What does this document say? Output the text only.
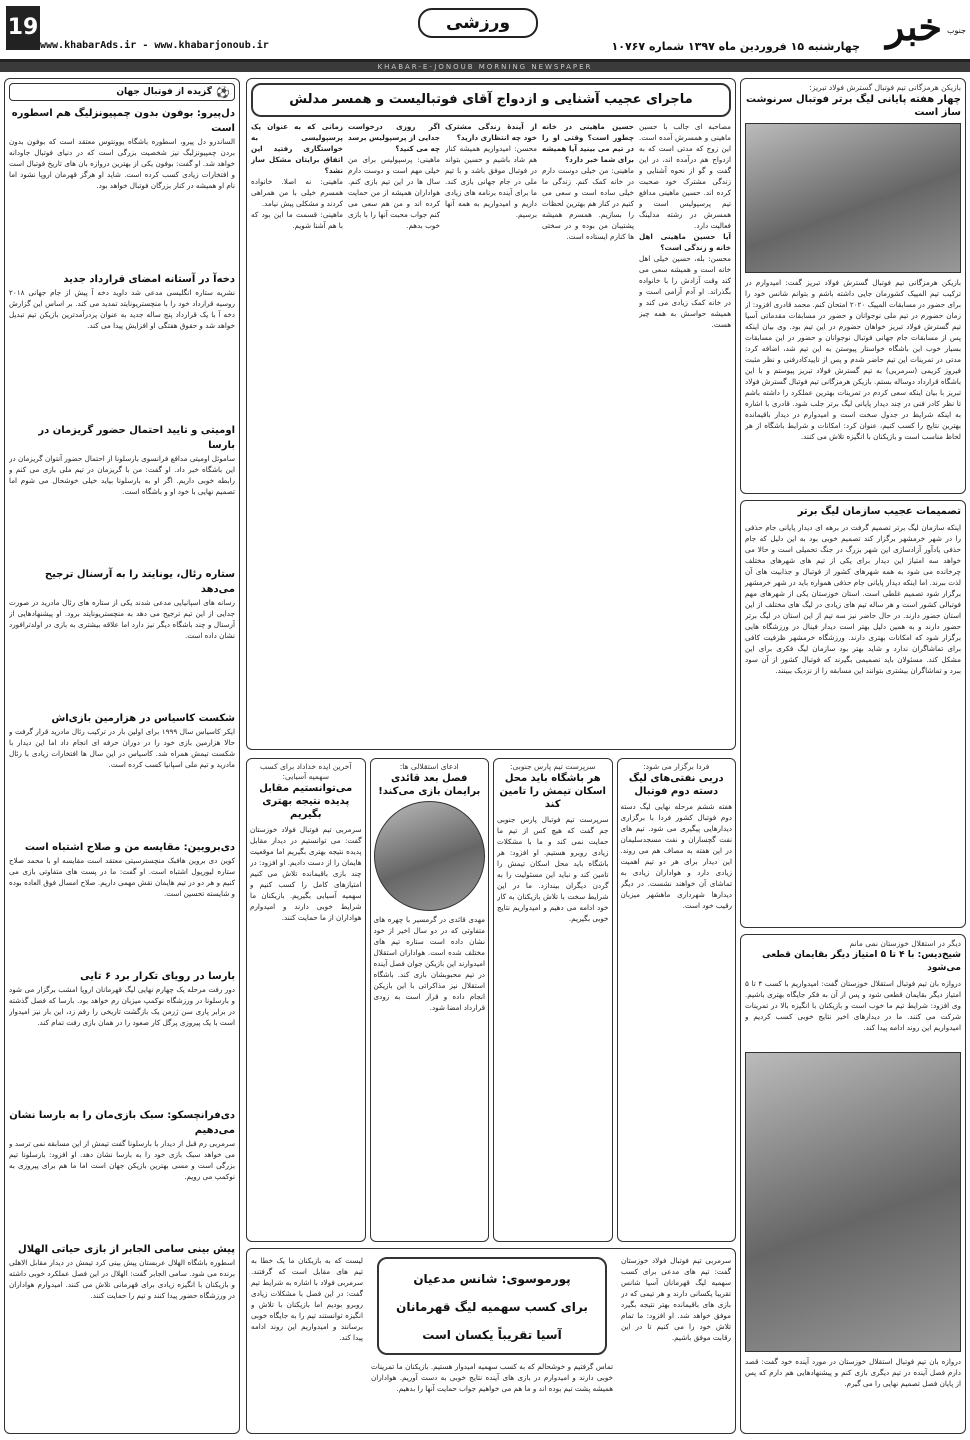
جنوب
خبر
ورزشی
چهارشنبه ۱۵ فروردین ماه ۱۳۹۷ شماره ۱۰۷۶۷
www.khabarAds.ir - www.khabarjonoub.ir
19
KHABAR-E-JONOUB MORNING NEWSPAPER
بازیکن هرمزگانی تیم فوتبال گسترش فولاد تبریز:
چهار هفته پایانی لیگ برتر فوتبال سرنوشت ساز است
بازیکن هرمزگانی تیم فوتبال گسترش فولاد تبریز گفت: امیدوارم در ترکیب تیم المپیک کشورمان جایی داشته باشم و بتوانم شانس خود را برای حضور در مسابقات المپیک ۲۰۲۰ امتحان کنم. محمد قادری افزود: از زمان حضورم در تیم ملی نوجوانان و حضور در مسابقات مقدماتی آسیا تیم گسترش فولاد تبریز خواهان حضورم در این تیم بود. وی بیان اینکه پس از مسابقات جام جهانی فوتبال نوجوانان و حضور در این مسابقات بسیار خوب این باشگاه خواستار پیوستن به این تیم شد، اضافه کرد: مدتی در تمرینات این تیم حاضر شدم و پس از تاییدکادرفنی و نظر مثبت فیروز کریمی (سرمربی) به تیم گسترش فولاد تبریز پیوستم و با این باشگاه قرارداد دوساله بستم. بازیکن هرمزگانی تیم فوتبال گسترش فولاد تبریز با بیان اینکه سعی کردم در تمرینات بهترین عملکرد را داشته باشم تا نظر کادر فنی در چند دیدار پایانی لیگ برتر جلب شود. قادری با اشاره به اینکه شرایط در جدول سخت است و امیدوارم در دیدار باقیمانده بهترین نتایج را کسب کنیم، عنوان کرد: امکانات و شرایط باشگاه از هر لحاظ مناسب است و بازیکنان با انگیزه تلاش می کنند.
تصمیمات عجیب سازمان لیگ برتر
اینکه سازمان لیگ برتر تصمیم گرفت در برهه ای دیدار پایانی جام حذفی را در شهر خرمشهر برگزار کند تصمیم خوبی بود به این دلیل که جام حذفی یادآور آزادسازی این شهر بزرگ در جنگ تحمیلی است و حالا می خواهد سه امتیاز این دیدار برای یکی از تیم های شهرهای مختلف چرخانده می شود به همه شهرهای کشور از فوتبال و جذابیت های آن لذت ببرند. اما اینکه دیدار پایانی جام حذفی همواره باید در شهر خرمشهر برگزار شود تصمیم غلطی است. استان خوزستان یکی از شهرهای مهم فوتبالی کشور است و هر ساله تیم های زیادی در لیگ های مختلف از این استان حضور دارند. در حال حاضر نیز سه تیم از این استان در لیگ برتر حضور دارند و به همین دلیل بهتر است دیدار فینال در ورزشگاه هایی برگزار شود که امکانات بهتری دارند. ورزشگاه خرمشهر ظرفیت کافی برای تماشاگران ندارد و شاید بهتر بود سازمان لیگ فکری برای این مشکل کند. مسئولان باید تصمیمی بگیرند که فوتبال کشور از آن سود ببرد و تماشاگران بیشتری بتوانند این مسابقه را از نزدیک ببینند.
دیگر در استقلال خوزستان نمی مانم
شیخ‌دیس: با ۴ تا ۵ امتیاز دیگر بقایمان قطعی می‌شود
دروازه بان تیم فوتبال استقلال خوزستان گفت: امیدواریم با کسب ۴ تا ۵ امتیاز دیگر بقایمان قطعی شود و پس از آن به فکر جایگاه بهتری باشیم. وی افزود: شرایط تیم ما خوب است و بازیکنان با انگیزه بالا در تمرینات شرکت می کنند. ما در دیدارهای اخیر نتایج خوبی کسب کردیم و امیدواریم این روند ادامه پیدا کند.
دروازه بان تیم فوتبال استقلال خوزستان در مورد آینده خود گفت: قصد دارم فصل آینده در تیم دیگری بازی کنم و پیشنهادهایی هم دارم که پس از پایان فصل تصمیم نهایی را می گیرم.
ماجرای عجیب آشنایی و ازدواج آقای فوتبالیست و همسر مدلش

مصاحبه ای جالب با حسین ماهینی و همسرش آمده است. این زوج که مدتی است که به ازدواج هم درآمده اند، در این گفت و گو از نحوه آشنایی و زندگی مشترک خود صحبت کرده اند. حسین ماهینی مدافع تیم پرسپولیس است و همسرش در رشته مدلینگ فعالیت دارد.

آیا حسین ماهینی اهل خانه و زندگی است؟

محسن: بله، حسین خیلی اهل خانه است و همیشه سعی می کند وقت آزادش را با خانواده بگذراند. او آدم آرامی است و در خانه کمک زیادی می کند و همیشه حواسش به همه چیز هست.

حسین ماهینی در خانه چطور است؟ وقتی او را در تیم می بینید آیا همیشه برای شما خبر دارد؟

ماهینی: من خیلی دوست دارم در خانه کمک کنم. زندگی ما خیلی ساده است و سعی می کنیم در کنار هم بهترین لحظات را بسازیم. همسرم همیشه پشتیبان من بوده و در سختی ها کنارم ایستاده است.

از آیندهٔ زندگی مشترک خود چه انتظاری دارید؟

محسن: امیدواریم همیشه کنار هم شاد باشیم و حسین بتواند در فوتبال موفق باشد و با تیم ملی در جام جهانی بازی کند. ما برای آینده برنامه های زیادی داریم و امیدواریم به همه آنها برسیم.

اگر روزی درخواست جدایی از پرسپولیس برسد چه می کنید؟

ماهینی: پرسپولیس برای من خیلی مهم است و دوست دارم سال ها در این تیم بازی کنم. هواداران همیشه از من حمایت کرده اند و من هم سعی می کنم جواب محبت آنها را با بازی خوب بدهم.

زمانی که به عنوان یک پرسپولیسی به خواستگاری رفتید این اتفاق برایتان مشکل ساز نشد؟

ماهینی: نه اصلا. خانواده همسرم خیلی با من همراهی کردند و مشکلی پیش نیامد.

ماهینی: قسمت ما این بود که با هم آشنا شویم.

فردا برگزار می شود:
دربی نفتی‌های لیگ دسته دوم فوتبال
هفته ششم مرحله نهایی لیگ دسته دوم فوتبال کشور فردا با برگزاری دیدارهایی پیگیری می شود. تیم های نفت گچساران و نفت مسجدسلیمان در این هفته به مصاف هم می روند. این دیدار برای هر دو تیم اهمیت زیادی دارد و هواداران زیادی به تماشای آن خواهند نشست. در دیگر دیدارها شهرداری ماهشهر میزبان رقیب خود است.
سرپرست تیم پارس جنوبی:
هر باشگاه باید محل اسکان تیمش را تامین کند
سرپرست تیم فوتبال پارس جنوبی جم گفت که هیچ کس از تیم ما حمایت نمی کند و ما با مشکلات زیادی روبرو هستیم. او افزود: هر باشگاه باید محل اسکان تیمش را تامین کند و نباید این مسئولیت را به گردن دیگران بیندازد. ما در این شرایط سخت با تلاش بازیکنان به کار خود ادامه می دهیم و امیدواریم نتایج خوبی بگیریم.
ادعای استقلالی ها:
فصل بعد قائدی برایمان بازی می‌کند!
مهدی قائدی در گرمسیر با چهره های متفاوتی که در دو سال اخیر از خود نشان داده است ستاره تیم های مختلف شده است. هواداران استقلال امیدوارند این بازیکن جوان فصل آینده در تیم محبوبشان بازی کند. باشگاه استقلال نیز مذاکراتی با این بازیکن انجام داده و قرار است به زودی قرارداد امضا شود.
آخرین ایده خداداد برای کسب سهمیه آسیایی:
می‌توانستیم مقابل پدیده نتیجه بهتری بگیریم
سرمربی تیم فوتبال فولاد خوزستان گفت: می توانستیم در دیدار مقابل پدیده نتیجه بهتری بگیریم اما موقعیت هایمان را از دست دادیم. او افزود: در چند بازی باقیمانده تلاش می کنیم امتیازهای کامل را کسب کنیم و سهمیه آسیایی بگیریم. بازیکنان ما شرایط خوبی دارند و امیدوارم هواداران از ما حمایت کنند.
سرمربی تیم فوتبال فولاد خوزستان گفت: تیم های مدعی برای کسب سهمیه لیگ قهرمانان آسیا شانس تقریبا یکسانی دارند و هر تیمی که در بازی های باقیمانده بهتر نتیجه بگیرد موفق خواهد شد. او افزود: ما تمام تلاش خود را می کنیم تا در این رقابت موفق باشیم.
پورموسوی: شانس مدعیان
برای کسب سهمیه لیگ قهرمانان
آسیا تقریباً یکسان است
تماس گرفتیم و خوشحالم که به کسب سهمیه امیدوار هستیم. بازیکنان ما تمرینات خوبی دارند و امیدوارم در بازی های آینده نتایج خوبی به دست آوریم. هواداران همیشه پشت تیم بوده اند و ما هم می خواهیم جواب حمایت آنها را بدهیم.
لیست که به بازیکنان ما یک خطا به تیم های مقابل است که گرفتند. سرمربی فولاد با اشاره به شرایط تیم گفت: در این فصل با مشکلات زیادی روبرو بودیم اما بازیکنان با تلاش و انگیزه توانستند تیم را به جایگاه خوبی برسانند و امیدواریم این روند ادامه پیدا کند.
گزیده از فوتبال جهان ⚽
دل‌پیرو: بوفون بدون چمپیونزلیگ هم اسطوره است
الساندرو دل پیرو، اسطوره باشگاه یوونتوس معتقد است که بوفون بدون بردن چمپیونزلیگ نیز شخصیت بزرگی است که در دنیای فوتبال جاودانه خواهد شد. او گفت: بوفون یکی از بهترین دروازه بان های تاریخ فوتبال است و افتخارات زیادی کسب کرده است. شاید او هرگز قهرمان اروپا نشود اما نام او همیشه در کنار بزرگان فوتبال خواهد بود.
دخه‌آ در آستانه امضای قرارداد جدید
نشریه ستاره انگلیسی مدعی شد داوید دخه آ پیش از جام جهانی ۲۰۱۸ روسیه قرارداد خود را با منچستریونایتد تمدید می کند. بر اساس این گزارش دخه آ با یک قرارداد پنج ساله جدید به عنوان پردرآمدترین بازیکن تیم تبدیل خواهد شد و حقوق هفتگی او افزایش پیدا می کند.
اومیتی و تایید احتمال حضور گریزمان در بارسا
ساموئل اومیتی مدافع فرانسوی بارسلونا از احتمال حضور آنتوان گریزمان در این باشگاه خبر داد. او گفت: من با گریزمان در تیم ملی بازی می کنم و رابطه خوبی داریم. اگر او به بارسلونا بیاید خیلی خوشحال می شوم اما تصمیم نهایی با خود او و باشگاه است.
ستاره رئال، یونایتد را به آرسنال ترجیح می‌دهد
رسانه های اسپانیایی مدعی شدند یکی از ستاره های رئال مادرید در صورت جدایی از این تیم ترجیح می دهد به منچستریونایتد برود. او پیشنهادهایی از آرسنال و چند باشگاه دیگر نیز دارد اما علاقه بیشتری به بازی در اولدترافورد نشان داده است.
شکست کاسیاس در هزارمین بازی‌اش
ایکر کاسیاس سال ۱۹۹۹ برای اولین بار در ترکیب رئال مادرید قرار گرفت و حالا هزارمین بازی خود را در دوران حرفه ای انجام داد اما این دیدار با شکست تیمش همراه شد. کاسیاس در این سال ها افتخارات زیادی با رئال مادرید و تیم ملی اسپانیا کسب کرده است.
دی‌برویین: مقایسه من و صلاح اشتباه است
کوین دی بروین هافبک منچسترسیتی معتقد است مقایسه او با محمد صلاح ستاره لیورپول اشتباه است. او گفت: ما در پست های متفاوتی بازی می کنیم و هر دو در تیم هایمان نقش مهمی داریم. صلاح امسال فوق العاده بوده و شایسته تحسین است.
بارسا در رویای تکرار برد ۶ تایی
دور رفت مرحله یک چهارم نهایی لیگ قهرمانان اروپا امشب برگزار می شود و بارسلونا در ورزشگاه نوکمپ میزبان رم خواهد بود. بارسا که فصل گذشته در برابر پاری سن ژرمن یک بازگشت تاریخی را رقم زد، این بار نیز امیدوار است با یک پیروزی پرگل کار صعود را در همان بازی رفت تمام کند.
دی‌فرانچسکو: سبک بازی‌مان را به بارسا نشان می‌دهیم
سرمربی رم قبل از دیدار با بارسلونا گفت تیمش از این مسابقه نمی ترسد و می خواهد سبک بازی خود را به بارسا نشان دهد. او افزود: بارسلونا تیم بزرگی است و مسی بهترین بازیکن جهان است اما ما هم برای پیروزی به نوکمپ می رویم.
پیش بینی سامی الجابر از بازی حیاتی الهلال
اسطوره باشگاه الهلال عربستان پیش بینی کرد تیمش در دیدار مقابل الاهلی برنده می شود. سامی الجابر گفت: الهلال در این فصل عملکرد خوبی داشته و بازیکنان با انگیزه زیادی برای قهرمانی تلاش می کنند. امیدوارم هواداران در ورزشگاه حضور پیدا کنند و تیم را حمایت کنند.
